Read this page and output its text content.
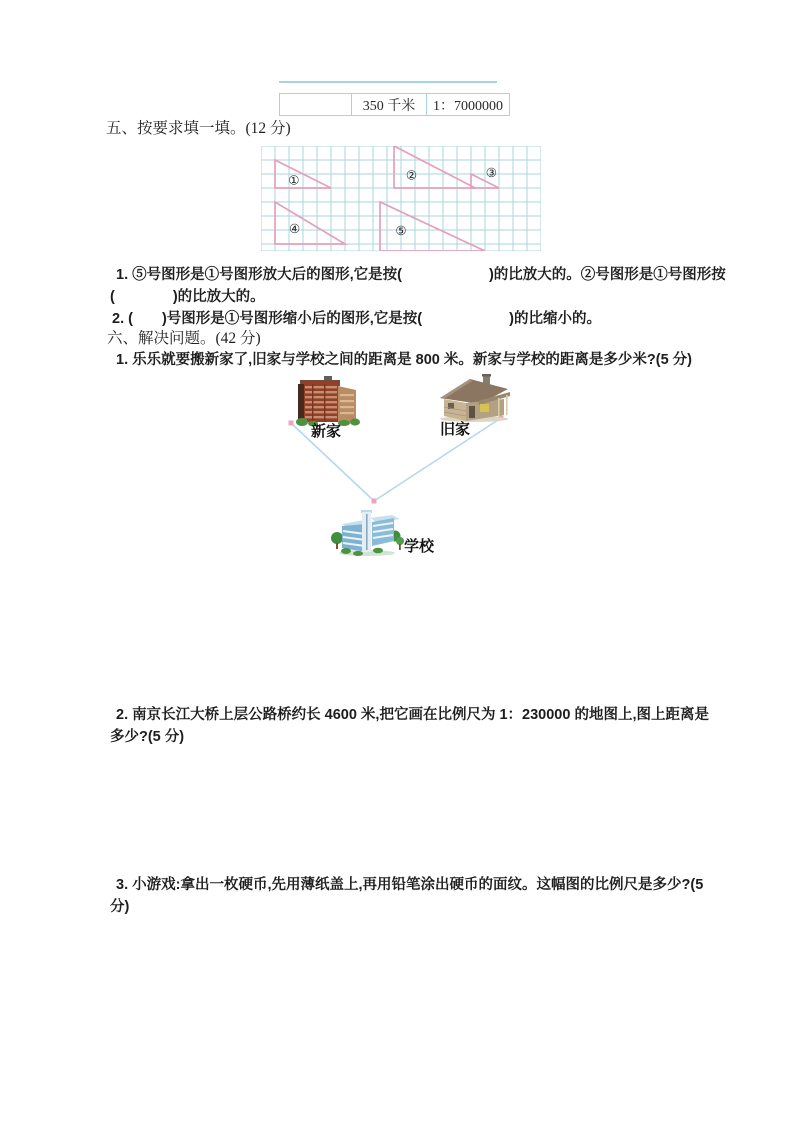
350 千米	1：7000000
五、按要求填一填。(12 分)
①	②	③
④	⑤
1. ⑤号图形是①号图形放大后的图形,它是按(　　　　　　)的比放大的。②号图形是①号图形按
(　　　　)的比放大的。
2. (　　)号图形是①号图形缩小后的图形,它是按(　　　　　　)的比缩小的。
六、解决问题。(42 分)
1. 乐乐就要搬新家了,旧家与学校之间的距离是 800 米。新家与学校的距离是多少米?(5 分)
新家	旧家
学校
2. 南京长江大桥上层公路桥约长 4600 米,把它画在比例尺为 1：230000 的地图上,图上距离是
多少?(5 分)
3. 小游戏:拿出一枚硬币,先用薄纸盖上,再用铅笔涂出硬币的面纹。这幅图的比例尺是多少?(5
分)
